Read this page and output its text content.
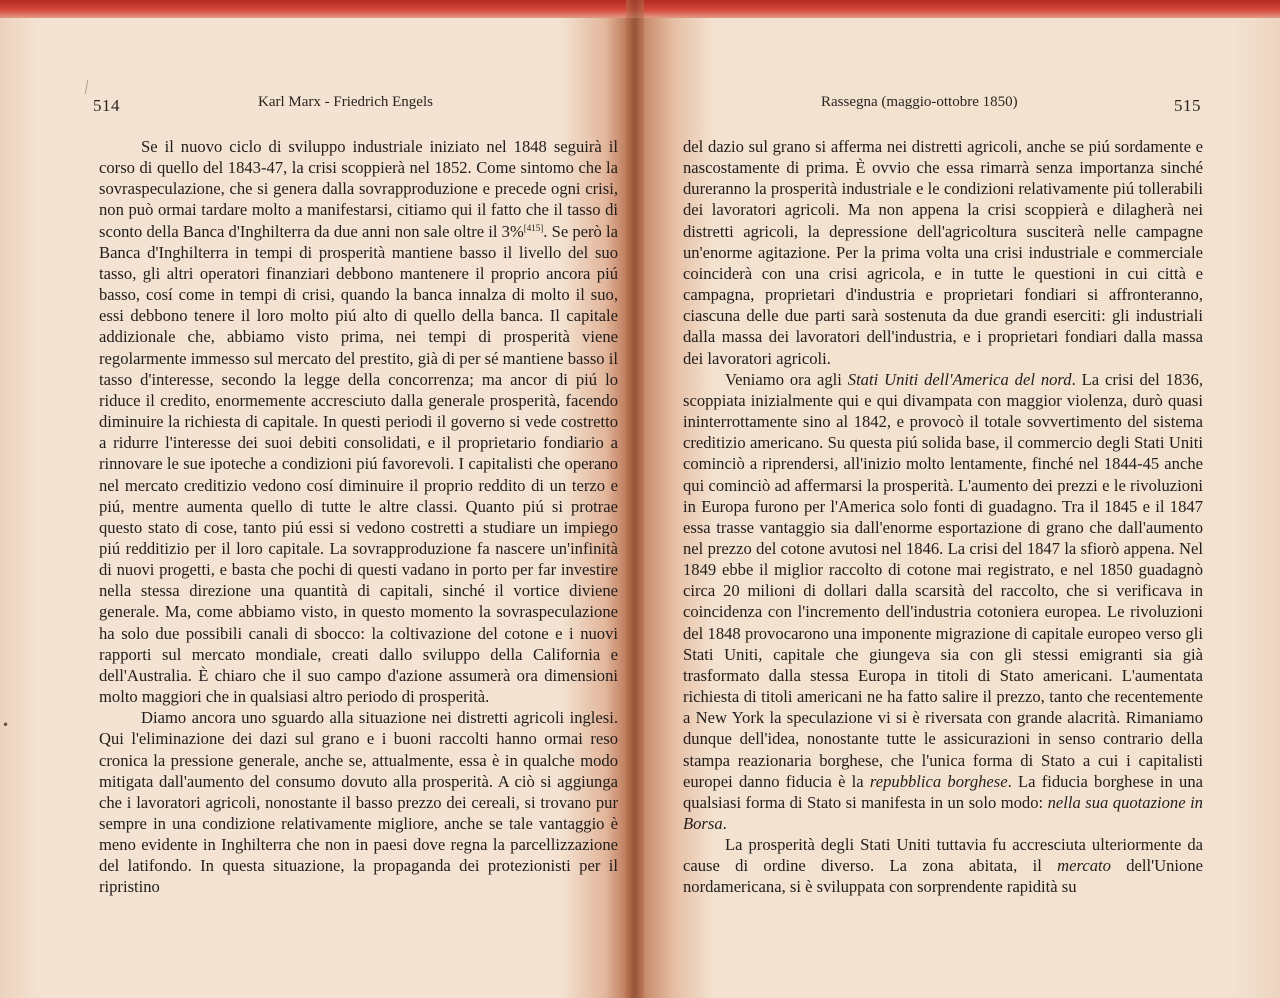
514	Karl Marx - Friedrich Engels

Se il nuovo ciclo di sviluppo industriale iniziato nel 1848 seguirà il corso di quello del 1843-47, la crisi scoppierà nel 1852. Come sintomo che la sovraspeculazione, che si genera dalla sovrapproduzione e precede ogni crisi, non può ormai tardare molto a manifestarsi, citiamo qui il fatto che il tasso di sconto della Banca d'Inghilterra da due anni non sale oltre il 3%[415]. Se però la Banca d'Inghilterra in tempi di prosperità mantiene basso il livello del suo tasso, gli altri operatori finanziari debbono mantenere il proprio ancora piú basso, cosí come in tempi di crisi, quando la banca innalza di molto il suo, essi debbono tenere il loro molto piú alto di quello della banca. Il capitale addizionale che, abbiamo visto prima, nei tempi di prosperità viene regolarmente immesso sul mercato del prestito, già di per sé mantiene basso il tasso d'interesse, secondo la legge della concorrenza; ma ancor di piú lo riduce il credito, enormemente accresciuto dalla generale prosperità, facendo diminuire la richiesta di capitale. In questi periodi il governo si vede costretto a ridurre l'interesse dei suoi debiti consolidati, e il proprietario fondiario a rinnovare le sue ipoteche a condizioni piú favorevoli. I capitalisti che operano nel mercato creditizio vedono cosí diminuire il proprio reddito di un terzo e piú, mentre aumenta quello di tutte le altre classi. Quanto piú si protrae questo stato di cose, tanto piú essi si vedono costretti a studiare un impiego piú redditizio per il loro capitale. La sovrapproduzione fa nascere un'infinità di nuovi progetti, e basta che pochi di questi vadano in porto per far investire nella stessa direzione una quantità di capitali, sinché il vortice diviene generale. Ma, come abbiamo visto, in questo momento la sovraspeculazione ha solo due possibili canali di sbocco: la coltivazione del cotone e i nuovi rapporti sul mercato mondiale, creati dallo sviluppo della California e dell'Australia. È chiaro che il suo campo d'azione assumerà ora dimensioni molto maggiori che in qualsiasi altro periodo di prosperità.

Diamo ancora uno sguardo alla situazione nei distretti agricoli inglesi. Qui l'eliminazione dei dazi sul grano e i buoni raccolti hanno ormai reso cronica la pressione generale, anche se, attualmente, essa è in qualche modo mitigata dall'aumento del consumo dovuto alla prosperità. A ciò si aggiunga che i lavoratori agricoli, nonostante il basso prezzo dei cereali, si trovano pur sempre in una condizione relativamente migliore, anche se tale vantaggio è meno evidente in Inghilterra che non in paesi dove regna la parcellizzazione del latifondo. In questa situazione, la propaganda dei protezionisti per il ripristino

•
Rassegna (maggio-ottobre 1850)	515

del dazio sul grano si afferma nei distretti agricoli, anche se piú sordamente e nascostamente di prima. È ovvio che essa rimarrà senza importanza sinché dureranno la prosperità industriale e le condizioni relativamente piú tollerabili dei lavoratori agricoli. Ma non appena la crisi scoppierà e dilagherà nei distretti agricoli, la depressione dell'agricoltura susciterà nelle campagne un'enorme agitazione. Per la prima volta una crisi industriale e commerciale coinciderà con una crisi agricola, e in tutte le questioni in cui città e campagna, proprietari d'industria e proprietari fondiari si affronteranno, ciascuna delle due parti sarà sostenuta da due grandi eserciti: gli industriali dalla massa dei lavoratori dell'industria, e i proprietari fondiari dalla massa dei lavoratori agricoli.

Veniamo ora agli Stati Uniti dell'America del nord. La crisi del 1836, scoppiata inizialmente qui e qui divampata con maggior violenza, durò quasi ininterrottamente sino al 1842, e provocò il totale sovvertimento del sistema creditizio americano. Su questa piú solida base, il commercio degli Stati Uniti cominciò a riprendersi, all'inizio molto lentamente, finché nel 1844-45 anche qui cominciò ad affermarsi la prosperità. L'aumento dei prezzi e le rivoluzioni in Europa furono per l'America solo fonti di guadagno. Tra il 1845 e il 1847 essa trasse vantaggio sia dall'enorme esportazione di grano che dall'aumento nel prezzo del cotone avutosi nel 1846. La crisi del 1847 la sfiorò appena. Nel 1849 ebbe il miglior raccolto di cotone mai registrato, e nel 1850 guadagnò circa 20 milioni di dollari dalla scarsità del raccolto, che si verificava in coincidenza con l'incremento dell'industria cotoniera europea. Le rivoluzioni del 1848 provocarono una imponente migrazione di capitale europeo verso gli Stati Uniti, capitale che giungeva sia con gli stessi emigranti sia già trasformato dalla stessa Europa in titoli di Stato americani. L'aumentata richiesta di titoli americani ne ha fatto salire il prezzo, tanto che recentemente a New York la speculazione vi si è riversata con grande alacrità. Rimaniamo dunque dell'idea, nonostante tutte le assicurazioni in senso contrario della stampa reazionaria borghese, che l'unica forma di Stato a cui i capitalisti europei danno fiducia è la repubblica borghese. La fiducia borghese in una qualsiasi forma di Stato si manifesta in un solo modo: nella sua quotazione in Borsa.

La prosperità degli Stati Uniti tuttavia fu accresciuta ulteriormente da cause di ordine diverso. La zona abitata, il mercato dell'Unione nordamericana, si è sviluppata con sorprendente rapidità su
